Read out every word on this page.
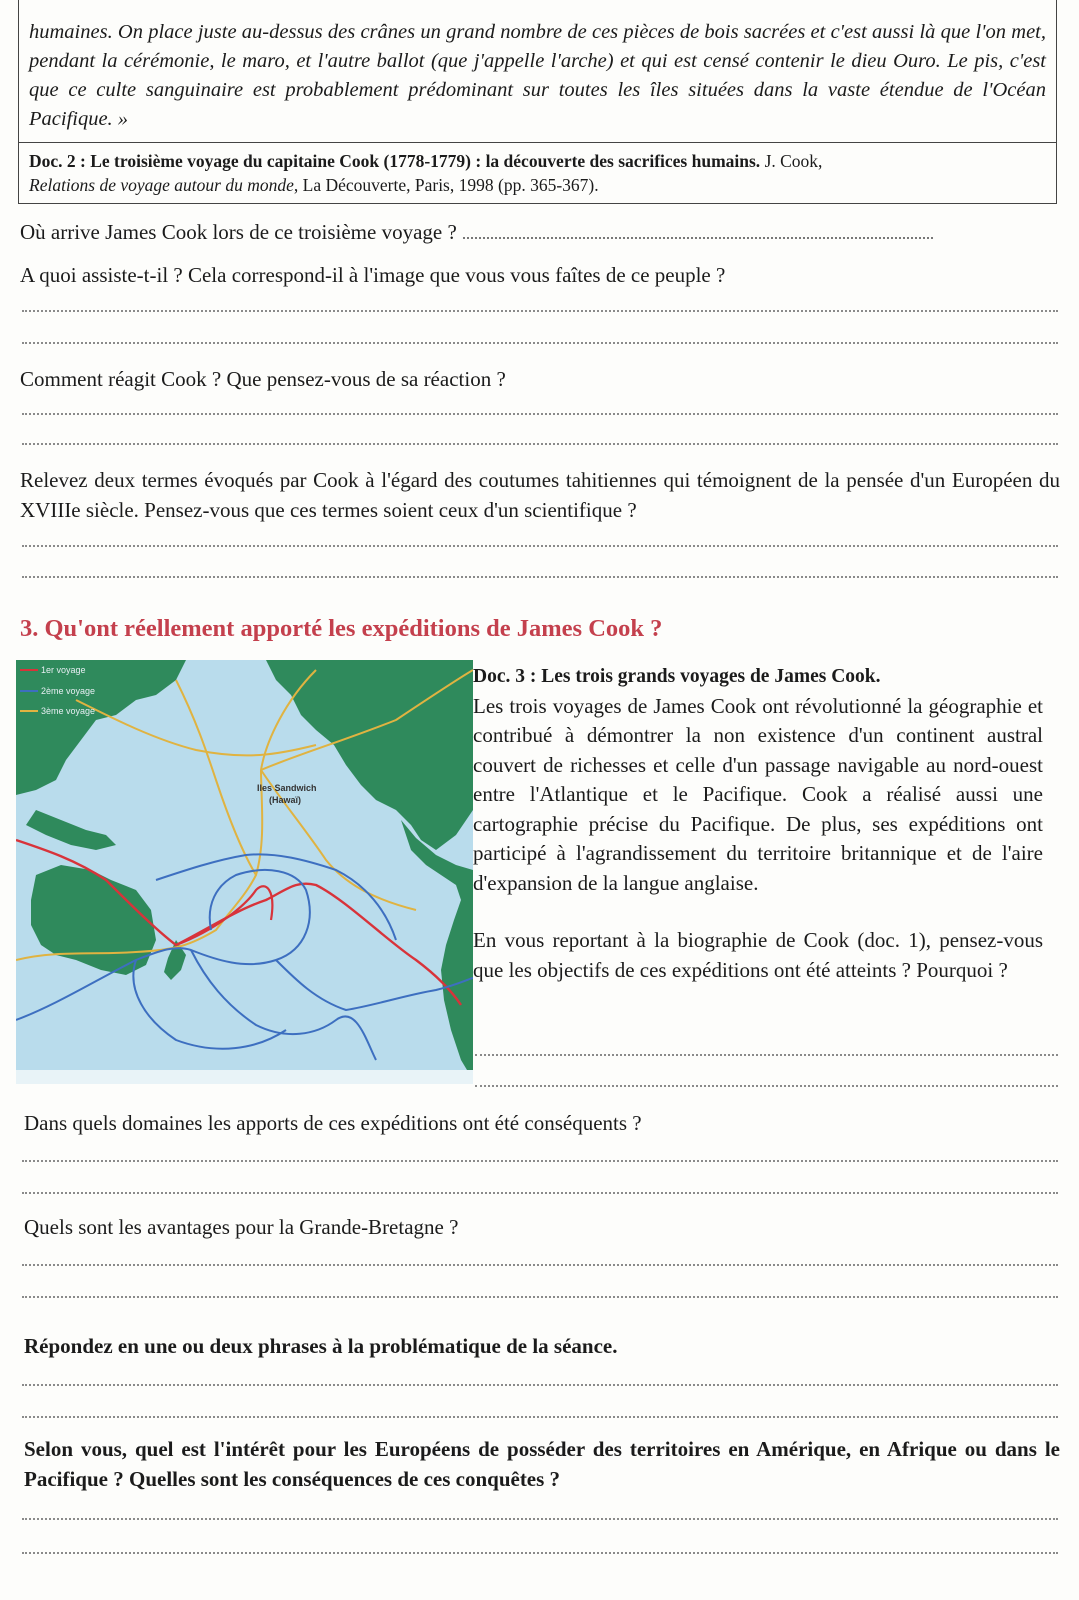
humaines. On place juste au-dessus des crânes un grand nombre de ces pièces de bois sacrées et c'est aussi là que l'on met, pendant la cérémonie, le maro, et l'autre ballot (que j'appelle l'arche) et qui est censé contenir le dieu Ouro. Le pis, c'est que ce culte sanguinaire est probablement prédominant sur toutes les îles situées dans la vaste étendue de l'Océan Pacifique. »
Doc. 2 : Le troisième voyage du capitaine Cook (1778-1779) : la découverte des sacrifices humains. J. Cook,
Relations de voyage autour du monde, La Découverte, Paris, 1998 (pp. 365-367).
Où arrive James Cook lors de ce troisième voyage ?
A quoi assiste-t-il ? Cela correspond-il à l'image que vous vous faîtes de ce peuple ?
Comment réagit Cook ? Que pensez-vous de sa réaction ?
Relevez deux termes évoqués par Cook à l'égard des coutumes tahitiennes qui témoignent de la pensée d'un Européen du XVIIIe siècle. Pensez-vous que ces termes soient ceux d'un scientifique ?
3. Qu'ont réellement apporté les expéditions de James Cook ?
1er voyage
2ème voyage
3ème voyage
Iles Sandwich
(Hawaï)
Doc. 3 : Les trois grands voyages de James Cook.

Les trois voyages de James Cook ont révolutionné la géographie et contribué à démontrer la non existence d'un continent austral couvert de richesses et celle d'un passage navigable au nord-ouest entre l'Atlantique et le Pacifique. Cook a réalisé aussi une cartographie précise du Pacifique. De plus, ses expéditions ont participé à l'agrandissement du territoire britannique et de l'aire d'expansion de la langue anglaise.

En vous reportant à la biographie de Cook (doc. 1), pensez-vous que les objectifs de ces expéditions ont été atteints ? Pourquoi ?

Dans quels domaines les apports de ces expéditions ont été conséquents ?
Quels sont les avantages pour la Grande-Bretagne ?
Répondez en une ou deux phrases à la problématique de la séance.
Selon vous, quel est l'intérêt pour les Européens de posséder des territoires en Amérique, en Afrique ou dans le Pacifique ? Quelles sont les conséquences de ces conquêtes ?
